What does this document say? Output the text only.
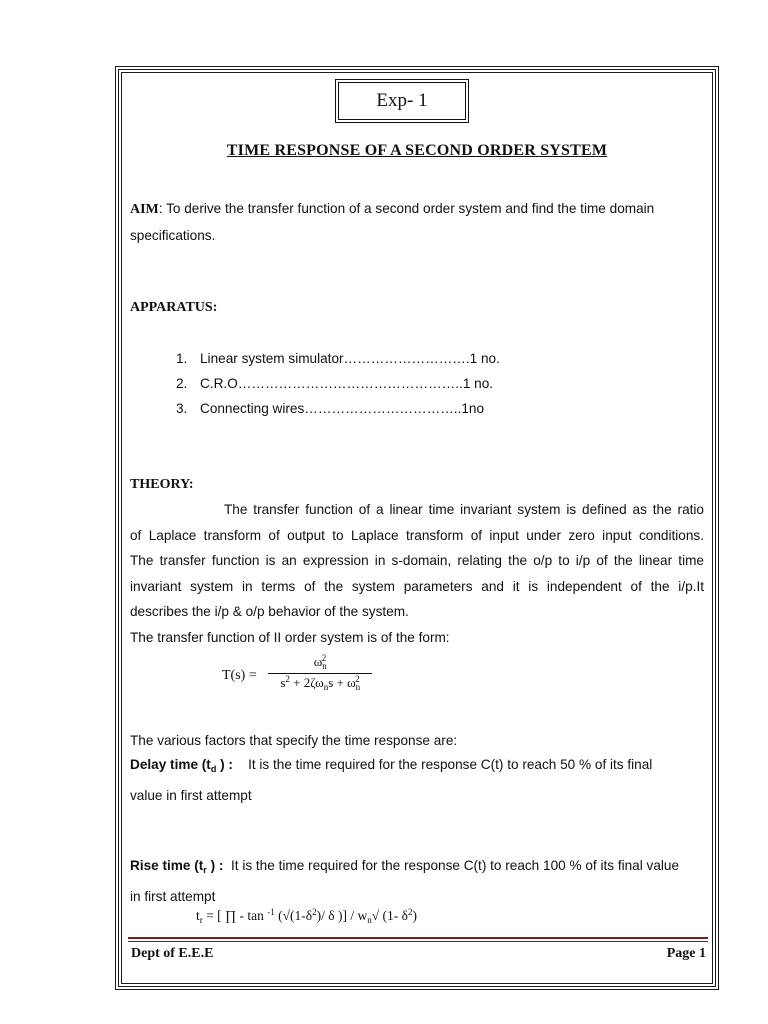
Exp- 1
TIME RESPONSE OF A SECOND ORDER SYSTEM
AIM: To derive the transfer function of a second order system and find the time domain
specifications.
APPARATUS:
1. Linear system simulator……………………….1 no.
2. C.R.O…………………………………………..1 no.
3. Connecting wires……………………………..1no
THEORY:
The transfer function of a linear time invariant system is defined as the ratio
of Laplace transform of output to Laplace transform of input under zero input conditions.
The transfer function is an expression in s-domain, relating the o/p to i/p of the linear time
invariant system in terms of the system parameters and it is independent of the i/p.It
describes the i/p & o/p behavior of the system.
The transfer function of II order system is of the form:
T(s) =
$\omega_n^2$
$s^2 + 2\zeta\omega_ns + \omega_n^2$
The various factors that specify the time response are:
Delay time ($t_d$ ) : It is the time required for the response C(t) to reach 50 % of its final
value in first attempt
Rise time ($t_r$ ) : It is the time required for the response C(t) to reach 100 % of its final value
in first attempt
$t_r$ = [ ∏ - tan $^{-1}$ ($√(1-\delta^2)/$ δ )] / $w_n√$ (1- $\delta^2$)
Dept of E.E.E	Page 1
